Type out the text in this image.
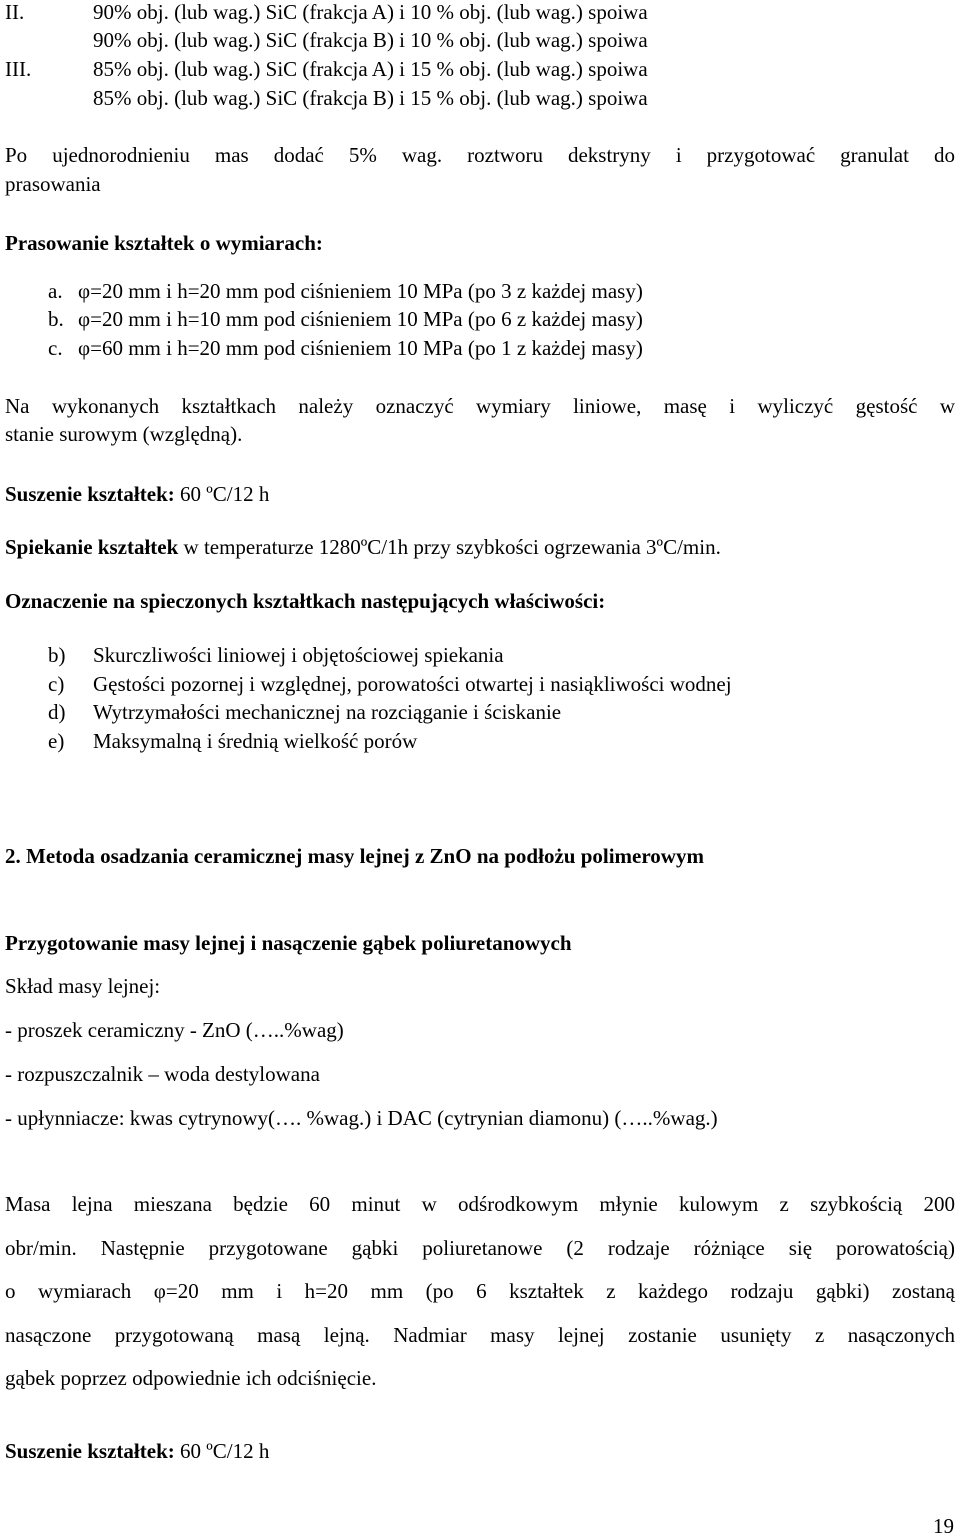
II.	90% obj. (lub wag.) SiC (frakcja A) i 10 % obj. (lub wag.) spoiwa
90% obj. (lub wag.) SiC (frakcja B) i 10 % obj. (lub wag.) spoiwa
III.	85% obj. (lub wag.) SiC (frakcja A) i 15 % obj. (lub wag.) spoiwa
85% obj. (lub wag.) SiC (frakcja B) i 15 % obj. (lub wag.) spoiwa
Po ujednorodnieniu mas dodać 5% wag. roztworu dekstryny i przygotować granulat do
prasowania
Prasowanie kształtek o wymiarach:
a. φ=20 mm i h=20 mm pod ciśnieniem 10 MPa (po 3 z każdej masy)
b. φ=20 mm i h=10 mm pod ciśnieniem 10 MPa (po 6 z każdej masy)
c. φ=60 mm i h=20 mm pod ciśnieniem 10 MPa (po 1 z każdej masy)
Na wykonanych kształtkach należy oznaczyć wymiary liniowe, masę i wyliczyć gęstość w
stanie surowym (względną).
Suszenie kształtek: 60 ºC/12 h
Spiekanie kształtek w temperaturze 1280ºC/1h przy szybkości ogrzewania 3ºC/min.
Oznaczenie na spieczonych kształtkach następujących właściwości:
b) Skurczliwości liniowej i objętościowej spiekania
c) Gęstości pozornej i względnej, porowatości otwartej i nasiąkliwości wodnej
d) Wytrzymałości mechanicznej na rozciąganie i ściskanie
e) Maksymalną i średnią wielkość porów
2. Metoda osadzania ceramicznej masy lejnej z ZnO na podłożu polimerowym
Przygotowanie masy lejnej i nasączenie gąbek poliuretanowych
Skład masy lejnej:
- proszek ceramiczny - ZnO (…..%wag)
- rozpuszczalnik – woda destylowana
- upłynniacze: kwas cytrynowy(…. %wag.) i DAC (cytrynian diamonu) (…..%wag.)
Masa lejna mieszana będzie 60 minut w odśrodkowym młynie kulowym z szybkością 200
obr/min. Następnie przygotowane gąbki poliuretanowe (2 rodzaje różniące się porowatością)
o wymiarach φ=20 mm i h=20 mm (po 6 kształtek z każdego rodzaju gąbki) zostaną
nasączone przygotowaną masą lejną. Nadmiar masy lejnej zostanie usunięty z nasączonych
gąbek poprzez odpowiednie ich odciśnięcie.
Suszenie kształtek: 60 ºC/12 h
19
